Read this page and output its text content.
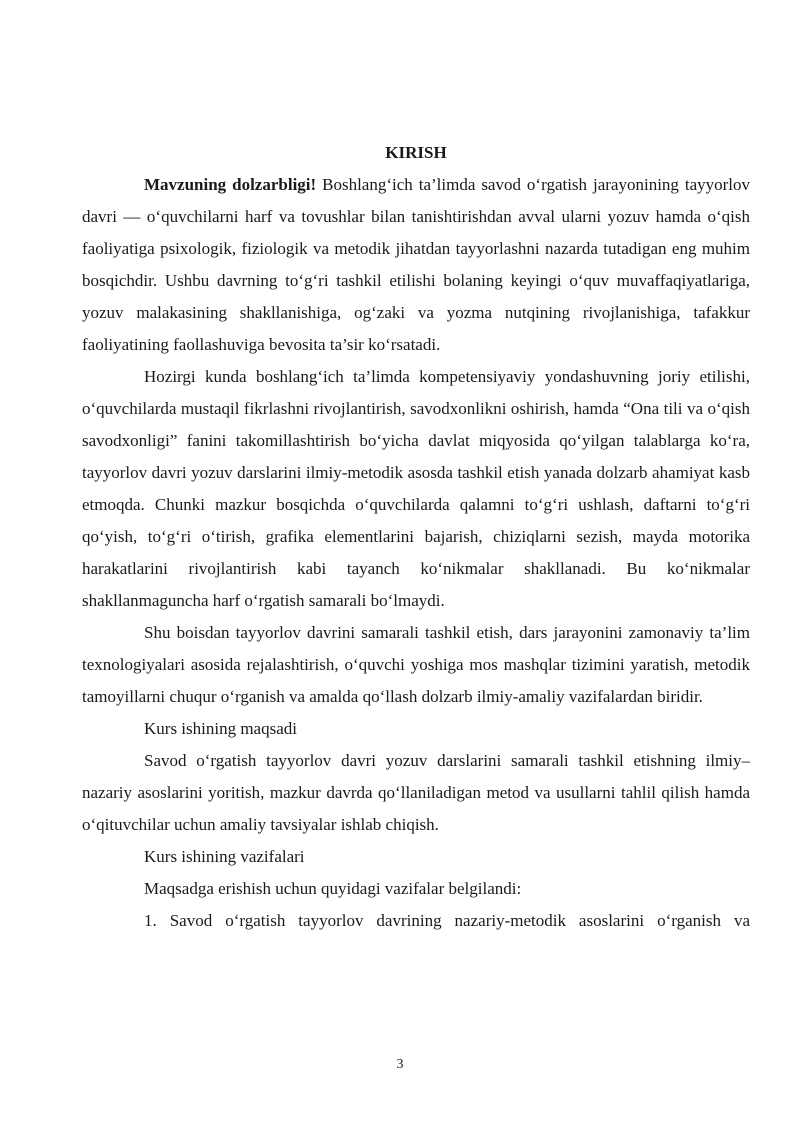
KIRISH

Mavzuning dolzarbligi! Boshlang‘ich ta’limda savod o‘rgatish jarayonining tayyorlov davri — o‘quvchilarni harf va tovushlar bilan tanishtirishdan avval ularni yozuv hamda o‘qish faoliyatiga psixologik, fiziologik va metodik jihatdan tayyorlashni nazarda tutadigan eng muhim bosqichdir. Ushbu davrning to‘g‘ri tashkil etilishi bolaning keyingi o‘quv muvaffaqiyatlariga, yozuv malakasining shakllanishiga, og‘zaki va yozma nutqining rivojlanishiga, tafakkur faoliyatining faollashuviga bevosita ta’sir ko‘rsatadi.

Hozirgi kunda boshlang‘ich ta’limda kompetensiyaviy yondashuvning joriy etilishi, o‘quvchilarda mustaqil fikrlashni rivojlantirish, savodxonlikni oshirish, hamda “Ona tili va o‘qish savodxonligi” fanini takomillashtirish bo‘yicha davlat miqyosida qo‘yilgan talablarga ko‘ra, tayyorlov davri yozuv darslarini ilmiy-metodik asosda tashkil etish yanada dolzarb ahamiyat kasb etmoqda. Chunki mazkur bosqichda o‘quvchilarda qalamni to‘g‘ri ushlash, daftarni to‘g‘ri qo‘yish, to‘g‘ri o‘tirish, grafika elementlarini bajarish, chiziqlarni sezish, mayda motorika harakatlarini rivojlantirish kabi tayanch ko‘nikmalar shakllanadi. Bu ko‘nikmalar shakllanmaguncha harf o‘rgatish samarali bo‘lmaydi.

Shu boisdan tayyorlov davrini samarali tashkil etish, dars jarayonini zamonaviy ta’lim texnologiyalari asosida rejalashtirish, o‘quvchi yoshiga mos mashqlar tizimini yaratish, metodik tamoyillarni chuqur o‘rganish va amalda qo‘llash dolzarb ilmiy-amaliy vazifalardan biridir.

Kurs ishining maqsadi

Savod o‘rgatish tayyorlov davri yozuv darslarini samarali tashkil etishning ilmiy–nazariy asoslarini yoritish, mazkur davrda qo‘llaniladigan metod va usullarni tahlil qilish hamda o‘qituvchilar uchun amaliy tavsiyalar ishlab chiqish.

Kurs ishining vazifalari

Maqsadga erishish uchun quyidagi vazifalar belgilandi:

1. Savod o‘rgatish tayyorlov davrining nazariy-metodik asoslarini o‘rganish va

3
